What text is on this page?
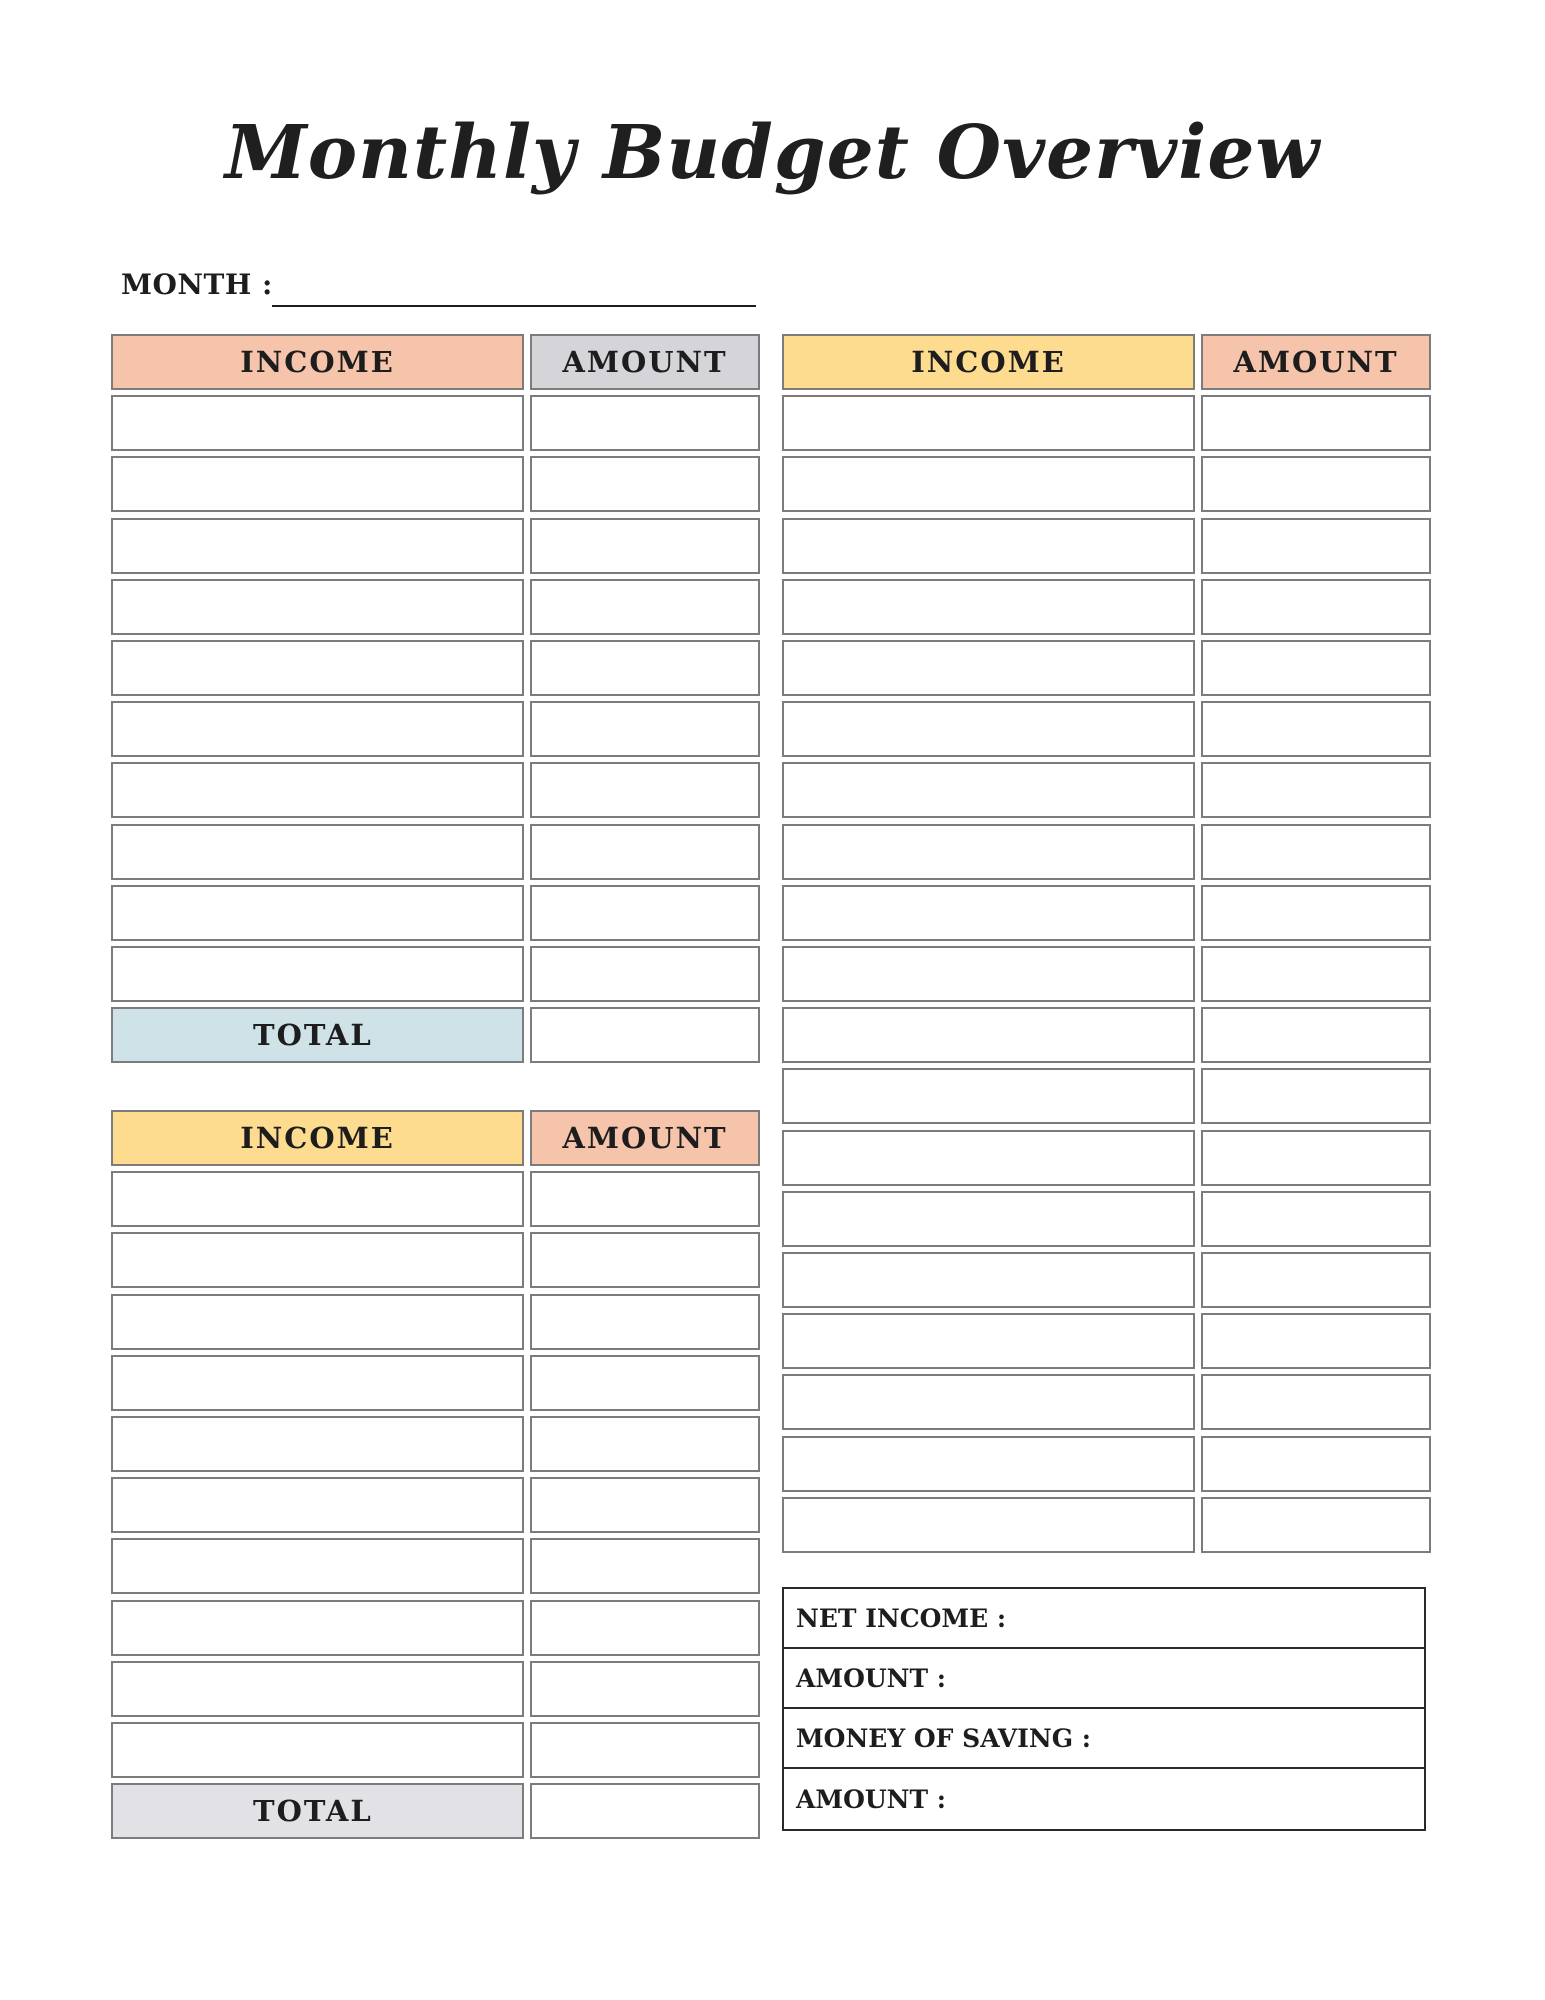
Monthly Budget Overview
MONTH :
INCOME	AMOUNT
TOTAL
INCOME	AMOUNT
TOTAL
INCOME	AMOUNT
NET INCOME :
AMOUNT :
MONEY OF SAVING :
AMOUNT :
